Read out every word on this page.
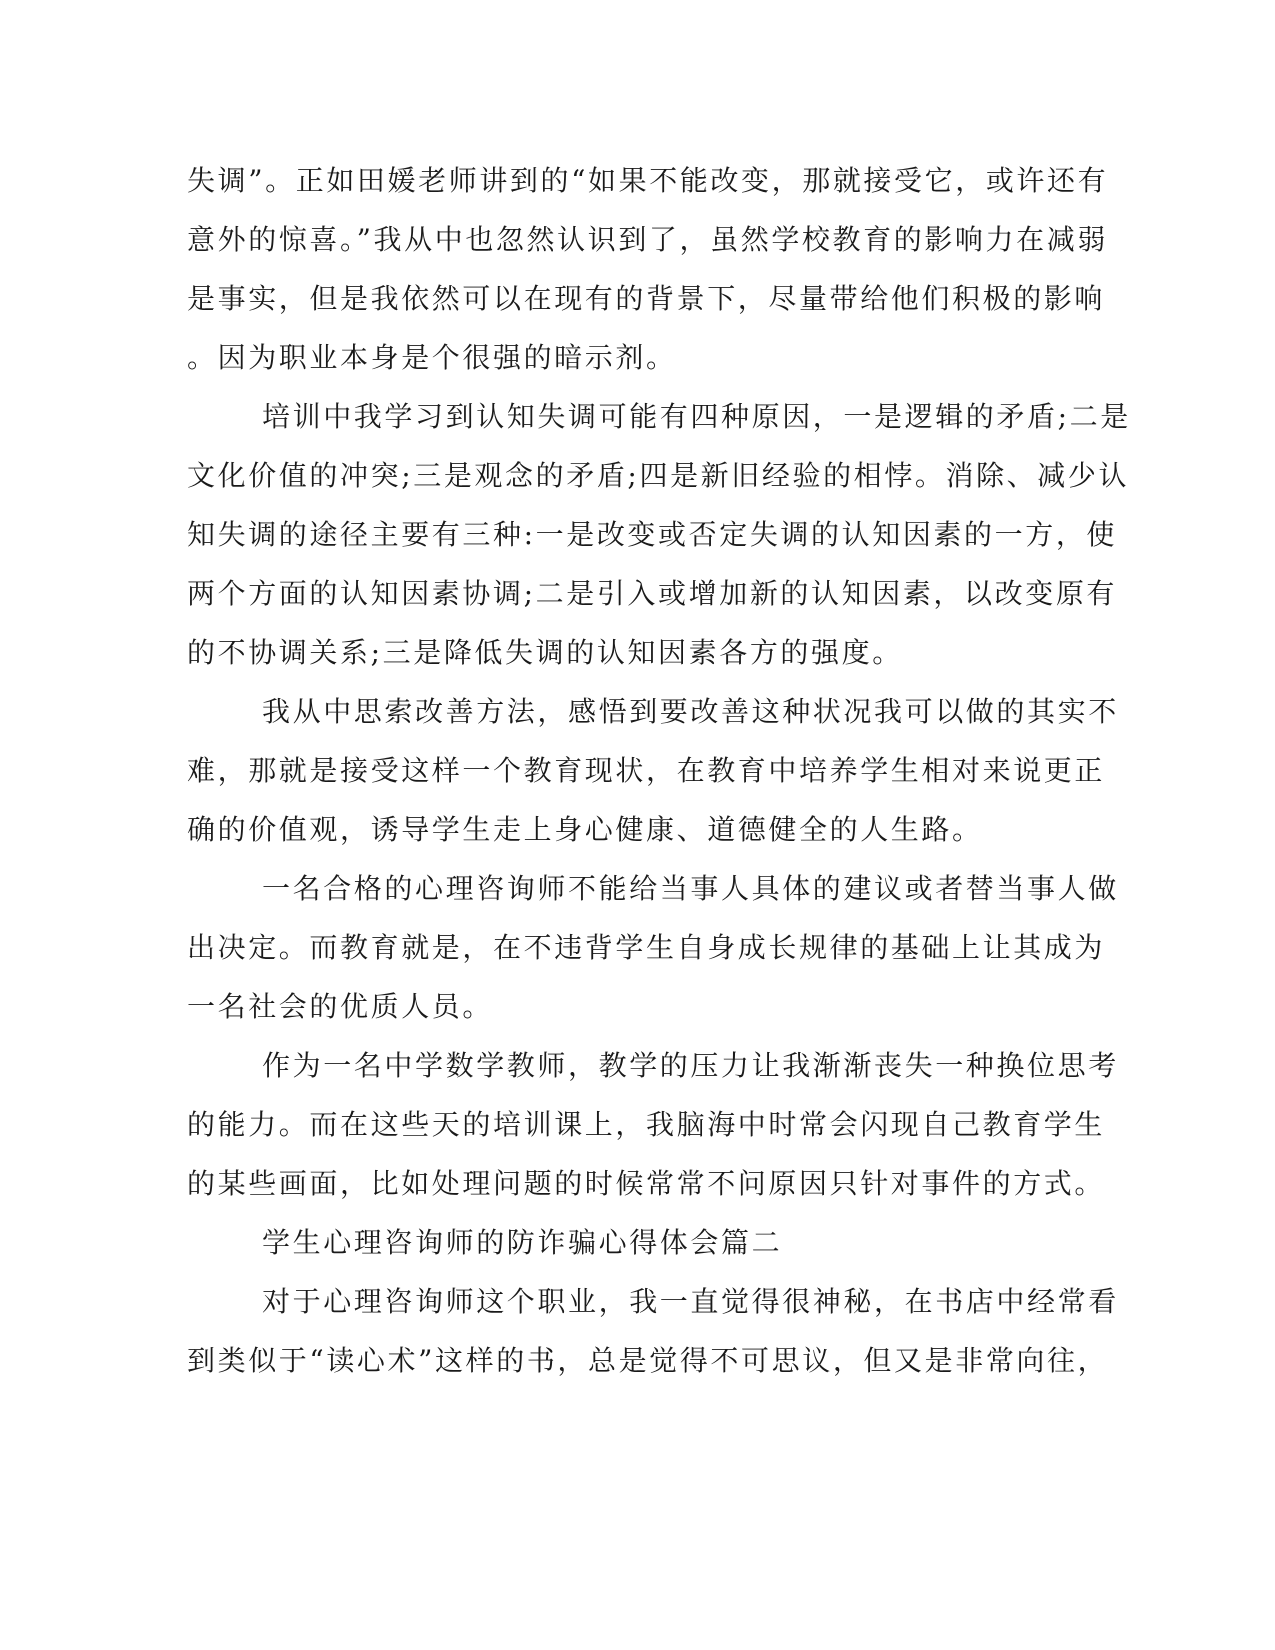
失调”。正如田媛老师讲到的“如果不能改变，那就接受它，或许还有
意外的惊喜。”我从中也忽然认识到了，虽然学校教育的影响力在减弱
是事实，但是我依然可以在现有的背景下，尽量带给他们积极的影响
。因为职业本身是个很强的暗示剂。
培训中我学习到认知失调可能有四种原因，一是逻辑的矛盾;二是
文化价值的冲突;三是观念的矛盾;四是新旧经验的相悖。消除、减少认
知失调的途径主要有三种:一是改变或否定失调的认知因素的一方，使
两个方面的认知因素协调;二是引入或增加新的认知因素，以改变原有
的不协调关系;三是降低失调的认知因素各方的强度。
我从中思索改善方法，感悟到要改善这种状况我可以做的其实不
难，那就是接受这样一个教育现状，在教育中培养学生相对来说更正
确的价值观，诱导学生走上身心健康、道德健全的人生路。
一名合格的心理咨询师不能给当事人具体的建议或者替当事人做
出决定。而教育就是，在不违背学生自身成长规律的基础上让其成为
一名社会的优质人员。
作为一名中学数学教师，教学的压力让我渐渐丧失一种换位思考
的能力。而在这些天的培训课上，我脑海中时常会闪现自己教育学生
的某些画面，比如处理问题的时候常常不问原因只针对事件的方式。
学生心理咨询师的防诈骗心得体会篇二
对于心理咨询师这个职业，我一直觉得很神秘，在书店中经常看
到类似于“读心术”这样的书，总是觉得不可思议，但又是非常向往，
